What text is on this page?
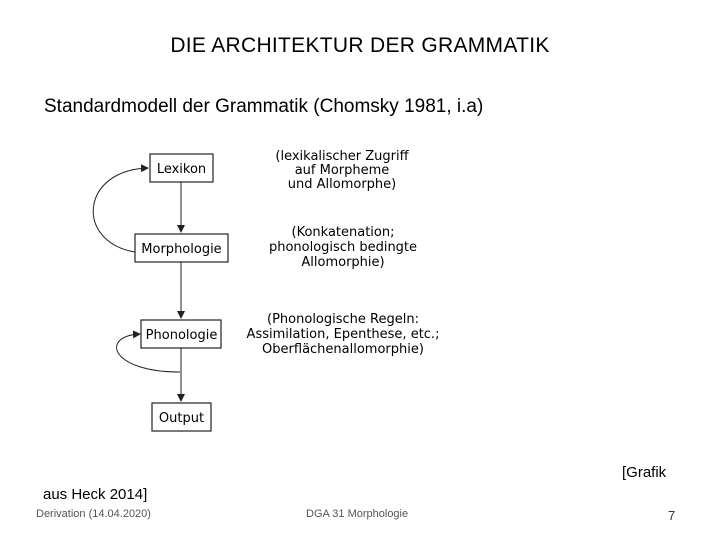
DIE ARCHITEKTUR DER GRAMMATIK
Standardmodell der Grammatik (Chomsky 1981, i.a)
Lexikon
Morphologie
Phonologie
Output
(lexikalischer Zugriff
auf Morpheme
und Allomorphe)
(Konkatenation;
phonologisch bedingte
Allomorphie)
(Phonologische Regeln:
Assimilation, Epenthese, etc.;
Oberflächenallomorphie)
[Grafik
aus Heck 2014]
Derivation (14.04.2020)	DGA 31 Morphologie	7
